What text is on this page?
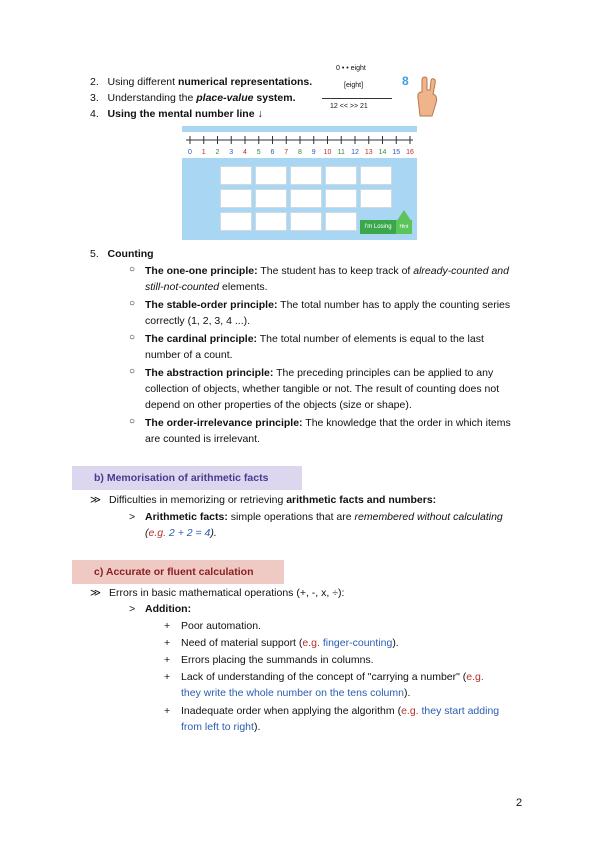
2. Using different numerical representations.
3. Understanding the place-value system.
4. Using the mental number line ↓
0 • • eight
[eight]
12 << >> 21
8
0 1 2 3 4 5 6 7 8 9 10 11 12 13 14 15 16
I'm Losing	Hint
5. Counting
○ The one-one principle: The student has to keep track of already-counted and
still-not-counted elements.
○ The stable-order principle: The total number has to apply the counting series
correctly (1, 2, 3, 4 ...).
○ The cardinal principle: The total number of elements is equal to the last
number of a count.
○ The abstraction principle: The preceding principles can be applied to any
collection of objects, whether tangible or not. The result of counting does not
depend on other properties of the objects (size or shape).
○ The order-irrelevance principle: The knowledge that the order in which items
are counted is irrelevant.
b) Memorisation of arithmetic facts
≫ Difficulties in memorizing or retrieving arithmetic facts and numbers:
> Arithmetic facts: simple operations that are remembered without calculating
(e.g. 2 + 2 = 4).
c) Accurate or fluent calculation
≫ Errors in basic mathematical operations (+, -, x, ÷):
> Addition:
+ Poor automation.
+ Need of material support (e.g. finger-counting).
+ Errors placing the summands in columns.
+ Lack of understanding of the concept of "carrying a number" (e.g.
they write the whole number on the tens column).
+ Inadequate order when applying the algorithm (e.g. they start adding
from left to right).
2
